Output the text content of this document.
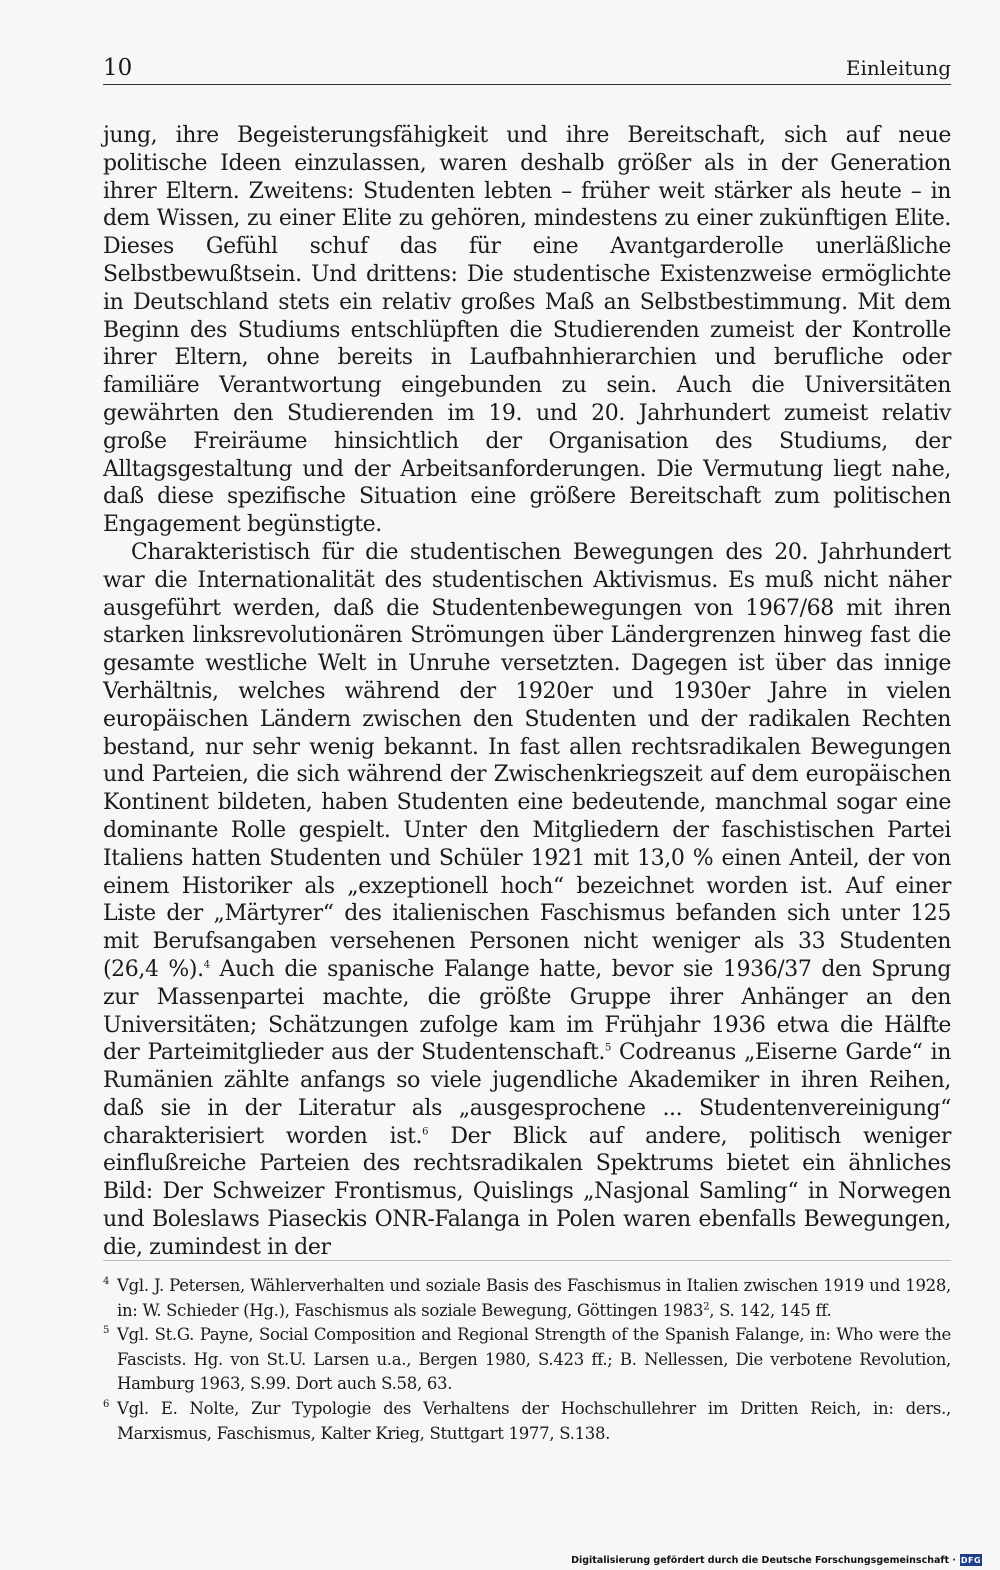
10	Einleitung

jung, ihre Begeisterungsfähigkeit und ihre Bereitschaft, sich auf neue politische Ideen einzulassen, waren deshalb größer als in der Generation ihrer Eltern. Zweitens: Studenten lebten – früher weit stärker als heute – in dem Wissen, zu einer Elite zu gehören, mindestens zu einer zukünftigen Elite. Dieses Gefühl schuf das für eine Avantgarderolle unerläßliche Selbstbewußtsein. Und drittens: Die studentische Existenzweise ermöglichte in Deutschland stets ein relativ großes Maß an Selbstbestimmung. Mit dem Beginn des Studiums entschlüpften die Studierenden zumeist der Kontrolle ihrer Eltern, ohne bereits in Laufbahnhierarchien und berufliche oder familiäre Verantwortung eingebunden zu sein. Auch die Universitäten gewährten den Studierenden im 19. und 20. Jahrhundert zumeist relativ große Freiräume hinsichtlich der Organisation des Studiums, der Alltagsgestaltung und der Arbeitsanforderungen. Die Vermutung liegt nahe, daß diese spezifische Situation eine größere Bereitschaft zum politischen Engagement begünstigte.

Charakteristisch für die studentischen Bewegungen des 20. Jahrhundert war die Internationalität des studentischen Aktivismus. Es muß nicht näher ausgeführt werden, daß die Studentenbewegungen von 1967/68 mit ihren starken linksrevolutionären Strömungen über Ländergrenzen hinweg fast die gesamte westliche Welt in Unruhe versetzten. Dagegen ist über das innige Verhältnis, welches während der 1920er und 1930er Jahre in vielen europäischen Ländern zwischen den Studenten und der radikalen Rechten bestand, nur sehr wenig bekannt. In fast allen rechtsradikalen Bewegungen und Parteien, die sich während der Zwischenkriegszeit auf dem europäischen Kontinent bildeten, haben Studenten eine bedeutende, manchmal sogar eine dominante Rolle gespielt. Unter den Mitgliedern der faschistischen Partei Italiens hatten Studenten und Schüler 1921 mit 13,0 % einen Anteil, der von einem Historiker als „exzeptionell hoch“ bezeichnet worden ist. Auf einer Liste der „Märtyrer“ des italienischen Faschismus befanden sich unter 125 mit Berufsangaben versehenen Personen nicht weniger als 33 Studenten (26,4 %).$^4$ Auch die spanische Falange hatte, bevor sie 1936/37 den Sprung zur Massenpartei machte, die größte Gruppe ihrer Anhänger an den Universitäten; Schätzungen zufolge kam im Frühjahr 1936 etwa die Hälfte der Parteimitglieder aus der Studentenschaft.$^5$ Codreanus „Eiserne Garde“ in Rumänien zählte anfangs so viele jugendliche Akademiker in ihren Reihen, daß sie in der Literatur als „ausgesprochene ... Studentenvereinigung“ charakterisiert worden ist.$^6$ Der Blick auf andere, politisch weniger einflußreiche Parteien des rechtsradikalen Spektrums bietet ein ähnliches Bild: Der Schweizer Frontismus, Quislings „Nasjonal Samling“ in Norwegen und Boleslaws Piaseckis ONR-Falanga in Polen waren ebenfalls Bewegungen, die, zumindest in der

4 Vgl. J. Petersen, Wählerverhalten und soziale Basis des Faschismus in Italien zwischen 1919 und 1928, in: W. Schieder (Hg.), Faschismus als soziale Bewegung, Göttingen 1983$^2$, S. 142, 145 ff.

5 Vgl. St.G. Payne, Social Composition and Regional Strength of the Spanish Falange, in: Who were the Fascists. Hg. von St.U. Larsen u.a., Bergen 1980, S.423 ff.; B. Nellessen, Die verbotene Revolution, Hamburg 1963, S.99. Dort auch S.58, 63.

6 Vgl. E. Nolte, Zur Typologie des Verhaltens der Hochschullehrer im Dritten Reich, in: ders., Marxismus, Faschismus, Kalter Krieg, Stuttgart 1977, S.138.

Digitalisierung gefördert durch die Deutsche Forschungsgemeinschaft · DFG
